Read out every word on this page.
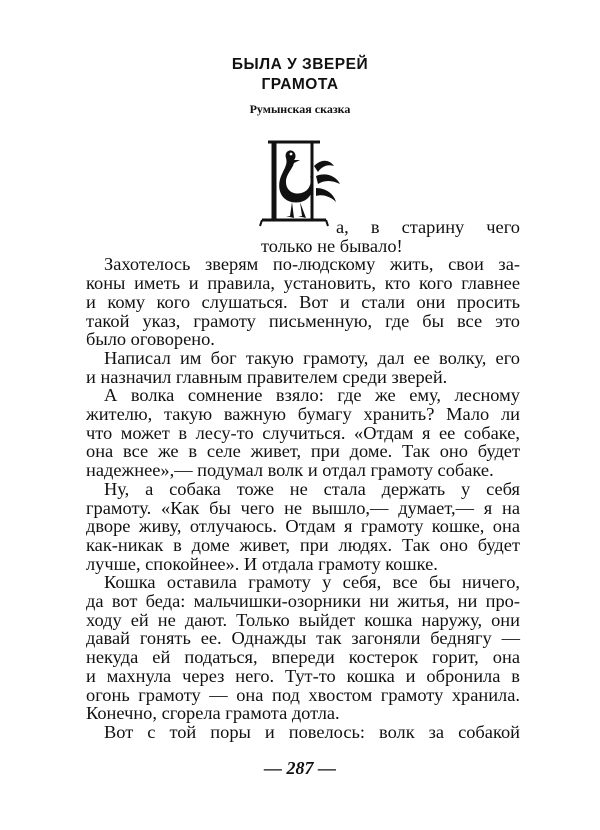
БЫЛА У ЗВЕРЕЙ
ГРАМОТА

Румынская сказка

а, в старину чего

только не бывало!

Захотелось зверям по-людскому жить, свои за-

коны иметь и правила, установить, кто кого главнее

и кому кого слушаться. Вот и стали они просить

такой указ, грамоту письменную, где бы все это

было оговорено.

Написал им бог такую грамоту, дал ее волку, его

и назначил главным правителем среди зверей.

А волка сомнение взяло: где же ему, лесному

жителю, такую важную бумагу хранить? Мало ли

что может в лесу-то случиться. «Отдам я ее собаке,

она все же в селе живет, при доме. Так оно будет

надежнее»,— подумал волк и отдал грамоту собаке.

Ну, а собака тоже не стала держать у себя

грамоту. «Как бы чего не вышло,— думает,— я на

дворе живу, отлучаюсь. Отдам я грамоту кошке, она

как-никак в доме живет, при людях. Так оно будет

лучше, спокойнее». И отдала грамоту кошке.

Кошка оставила грамоту у себя, все бы ничего,

да вот беда: мальчишки-озорники ни житья, ни про-

ходу ей не дают. Только выйдет кошка наружу, они

давай гонять ее. Однажды так загоняли беднягу —

некуда ей податься, впереди костерок горит, она

и махнула через него. Тут-то кошка и обронила в

огонь грамоту — она под хвостом грамоту хранила.

Конечно, сгорела грамота дотла.

Вот с той поры и повелось: волк за собакой

— 287 —
